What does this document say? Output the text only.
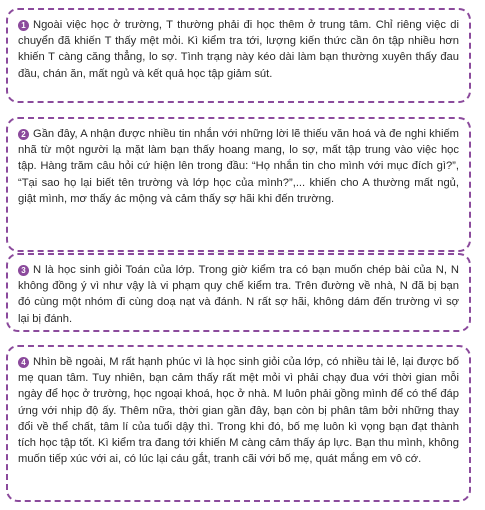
1 Ngoài việc học ở trường, T thường phải đi học thêm ở trung tâm. Chỉ riêng việc di chuyển đã khiến T thấy mệt mỏi. Kì kiểm tra tới, lượng kiến thức cần ôn tập nhiều hơn khiến T càng căng thẳng, lo sợ. Tình trạng này kéo dài làm bạn thường xuyên thấy đau đầu, chán ăn, mất ngủ và kết quả học tập giảm sút.
2 Gần đây, A nhận được nhiều tin nhắn với những lời lẽ thiếu văn hoá và đe nghi khiếm nhã từ một người lạ mặt làm bạn thấy hoang mang, lo sợ, mất tập trung vào việc học tập. Hàng trăm câu hỏi cứ hiện lên trong đầu: “Họ nhắn tin cho mình với mục đích gì?”, “Tại sao họ lại biết tên trường và lớp học của mình?”,... khiến cho A thường mất ngủ, giật mình, mơ thấy ác mộng và cảm thấy sợ hãi khi đến trường.
3 N là học sinh giỏi Toán của lớp. Trong giờ kiểm tra có bạn muốn chép bài của N, N không đồng ý vì như vậy là vi phạm quy chế kiểm tra. Trên đường về nhà, N đã bị bạn đó cùng một nhóm đi cùng doạ nạt và đánh. N rất sợ hãi, không dám đến trường vì sợ lại bị đánh.
4 Nhìn bề ngoài, M rất hạnh phúc vì là học sinh giỏi của lớp, có nhiều tài lẻ, lại được bố mẹ quan tâm. Tuy nhiên, bạn cảm thấy rất mệt mỏi vì phải chạy đua với thời gian mỗi ngày để học ở trường, học ngoại khoá, học ở nhà. M luôn phải gồng mình để có thể đáp ứng với nhịp độ ấy. Thêm nữa, thời gian gần đây, bạn còn bị phân tâm bởi những thay đổi về thể chất, tâm lí của tuổi dậy thì. Trong khi đó, bố mẹ luôn kì vọng bạn đạt thành tích học tập tốt. Kì kiểm tra đang tới khiến M càng cảm thấy áp lực. Bạn thu mình, không muốn tiếp xúc với ai, có lúc lại cáu gắt, tranh cãi với bố mẹ, quát mắng em vô cớ.
